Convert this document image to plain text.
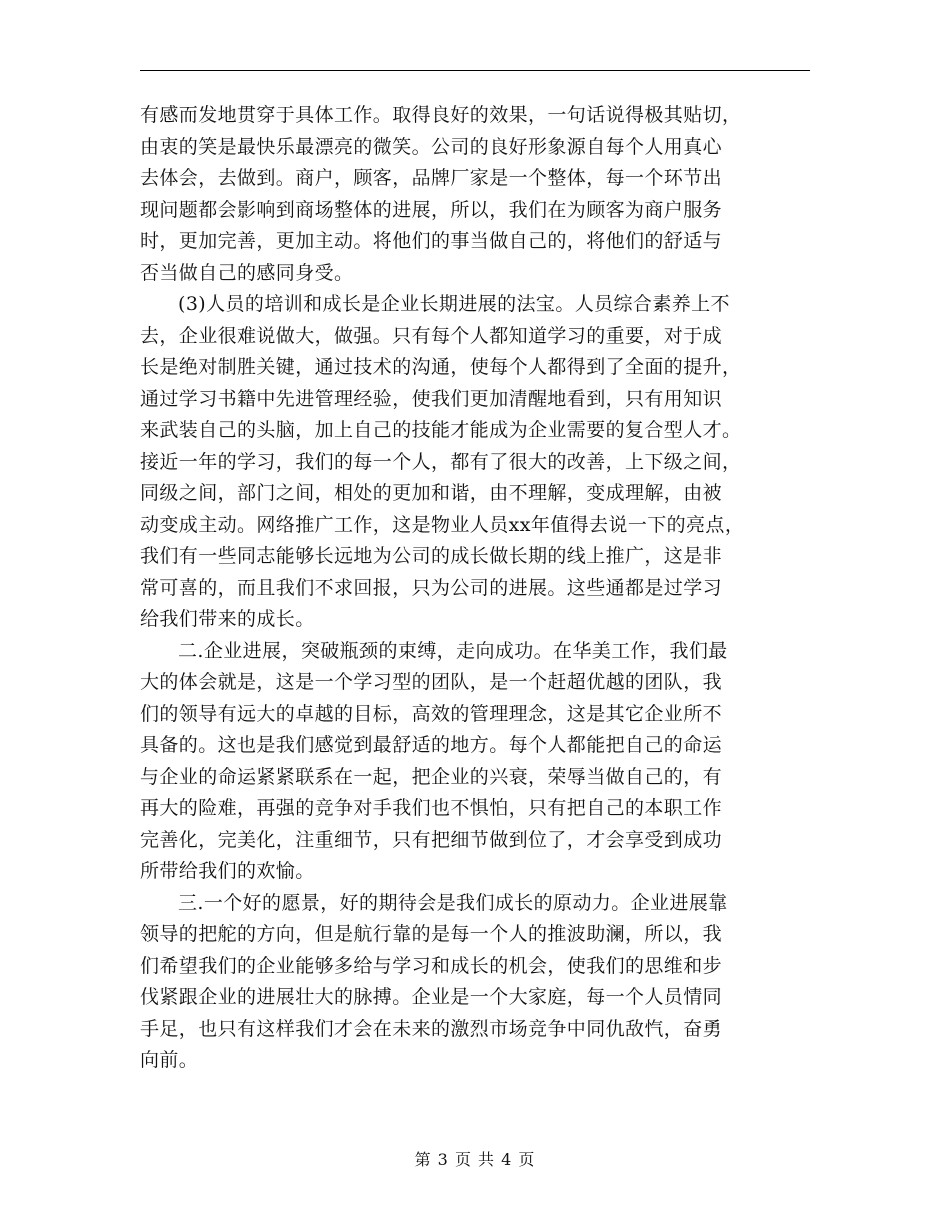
有感而发地贯穿于具体工作。取得良好的效果，一句话说得极其贴切，
由衷的笑是最快乐最漂亮的微笑。公司的良好形象源自每个人用真心
去体会，去做到。商户，顾客，品牌厂家是一个整体，每一个环节出
现问题都会影响到商场整体的进展，所以，我们在为顾客为商户服务
时，更加完善，更加主动。将他们的事当做自己的，将他们的舒适与
否当做自己的感同身受。
(3)人员的培训和成长是企业长期进展的法宝。人员综合素养上不
去，企业很难说做大，做强。只有每个人都知道学习的重要，对于成
长是绝对制胜关键，通过技术的沟通，使每个人都得到了全面的提升，
通过学习书籍中先进管理经验，使我们更加清醒地看到，只有用知识
来武装自己的头脑，加上自己的技能才能成为企业需要的复合型人才。
接近一年的学习，我们的每一个人，都有了很大的改善，上下级之间，
同级之间，部门之间，相处的更加和谐，由不理解，变成理解，由被
动变成主动。网络推广工作，这是物业人员xx年值得去说一下的亮点，
我们有一些同志能够长远地为公司的成长做长期的线上推广，这是非
常可喜的，而且我们不求回报，只为公司的进展。这些通都是过学习
给我们带来的成长。
二.企业进展，突破瓶颈的束缚，走向成功。在华美工作，我们最
大的体会就是，这是一个学习型的团队，是一个赶超优越的团队，我
们的领导有远大的卓越的目标，高效的管理理念，这是其它企业所不
具备的。这也是我们感觉到最舒适的地方。每个人都能把自己的命运
与企业的命运紧紧联系在一起，把企业的兴衰，荣辱当做自己的，有
再大的险难，再强的竞争对手我们也不惧怕，只有把自己的本职工作
完善化，完美化，注重细节，只有把细节做到位了，才会享受到成功
所带给我们的欢愉。
三.一个好的愿景，好的期待会是我们成长的原动力。企业进展靠
领导的把舵的方向，但是航行靠的是每一个人的推波助澜，所以，我
们希望我们的企业能够多给与学习和成长的机会，使我们的思维和步
伐紧跟企业的进展壮大的脉搏。企业是一个大家庭，每一个人员情同
手足，也只有这样我们才会在未来的激烈市场竞争中同仇敌忾，奋勇
向前。
第 3 页 共 4 页
